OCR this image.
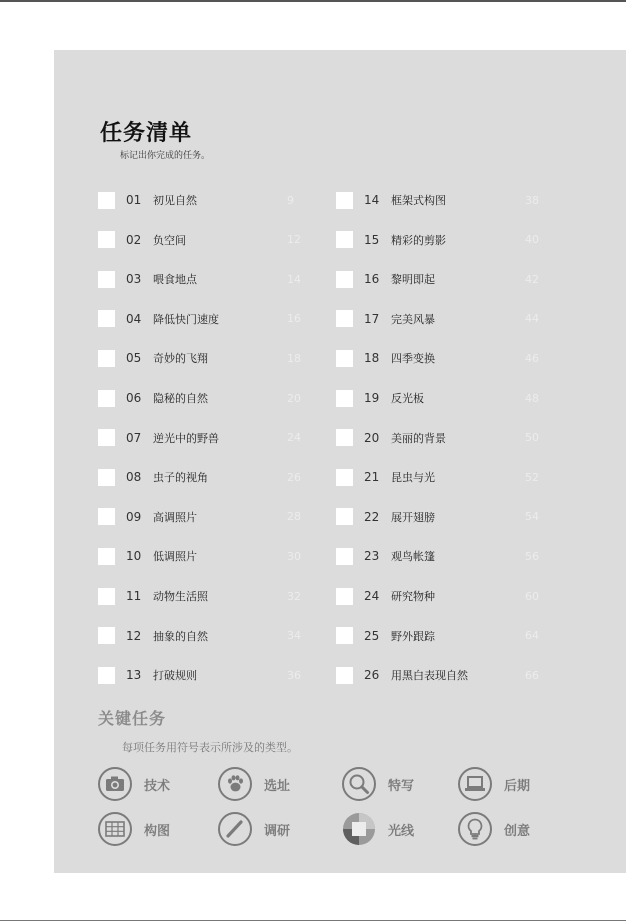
任务清单
标记出你完成的任务。
01	初见自然	9
02	负空间	12
03	喂食地点	14
04	降低快门速度	16
05	奇妙的飞翔	18
06	隐秘的自然	20
07	逆光中的野兽	24
08	虫子的视角	26
09	高调照片	28
10	低调照片	30
11	动物生活照	32
12	抽象的自然	34
13	打破规则	36
14	框架式构图	38
15	精彩的剪影	40
16	黎明即起	42
17	完美风暴	44
18	四季变换	46
19	反光板	48
20	美丽的背景	50
21	昆虫与光	52
22	展开翅膀	54
23	观鸟帐篷	56
24	研究物种	60
25	野外跟踪	64
26	用黑白表现自然	66
关键任务
每项任务用符号表示所涉及的类型。
技术	选址	特写	后期
构图	调研	光线	创意
